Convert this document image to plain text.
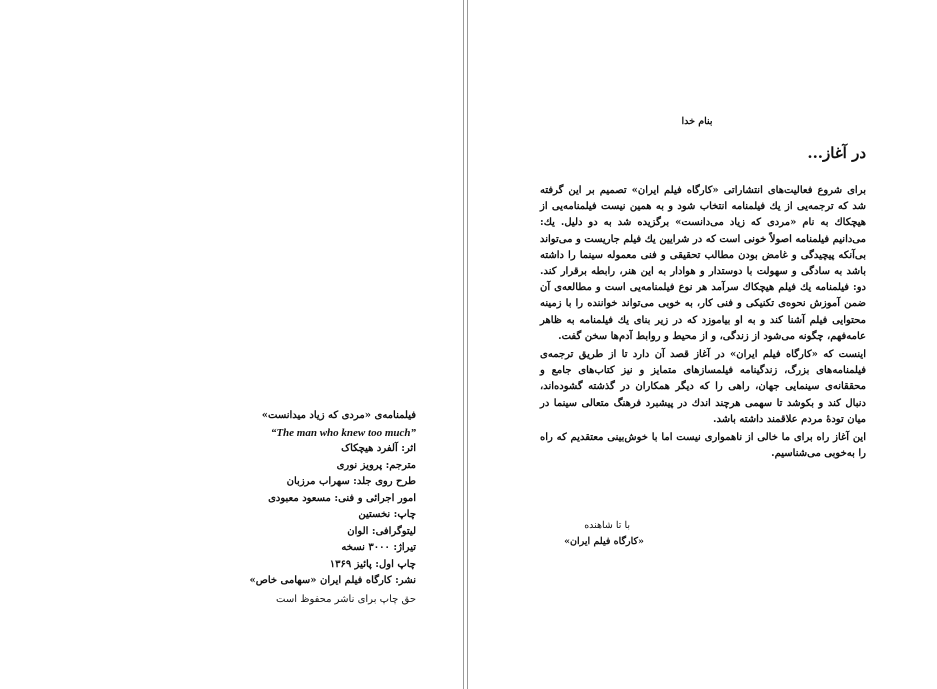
فیلمنامه‌ی «مردی که زیاد میدانست»
“The man who knew too much”
اثر: آلفرد هیچکاک
مترجم: پرویز نوری
طرح روی جلد: سهراب مرزبان
امور اجرائی و فنی: مسعود معبودی
چاپ: نخستین
لیتوگرافی: الوان
تیراژ: ۳۰۰۰ نسخه
چاپ اول: پائیز ۱۳۶۹
نشر: کارگاه فیلم ایران «سهامی خاص»
حق چاپ برای ناشر محفوظ است
بنام خدا
در آغاز...

برای شروع فعالیت‌های انتشاراتی «کارگاه فیلم ایران» تصمیم بر این گرفته شد که ترجمه‌یی از یك فیلمنامه انتخاب شود و به همین نیست فیلمنامه‌یی از هیچکاك به نام «مردی که زیاد می‌دانست» برگزیده شد به دو دلیل. یك: می‌دانیم فیلمنامه اصولاً خونی است که در شرایین یك فیلم جاریست و می‌تواند بی‌آنکه پیچیدگی و غامض بودن مطالب تحقیقی و فنی معموله سینما را داشته باشد به سادگی و سهولت با دوستدار و هوادار به این هنر، رابطه برقرار کند. دو: فیلمنامه یك فیلم هیچکاك سرآمد هر نوع فیلمنامه‌یی است و مطالعه‌ی آن ضمن آموزش نحوه‌ی تکنیکی و فنی کار، به خوبی می‌تواند خواننده را با زمینه محتوایی فیلم آشنا کند و به او بیاموزد که در زیر بنای یك فیلمنامه به ظاهر عامه‌فهم، چگونه می‌شود از زندگی، و از محیط و روابط آدم‌ها سخن گفت.

اینست که «کارگاه فیلم ایران» در آغاز قصد آن دارد تا از طریق ترجمه‌ی فیلمنامه‌های بزرگ، زندگینامه فیلمسازهای متمایز و نیز کتاب‌های جامع و محققانه‌ی سینمایی جهان، راهی را که دیگر همکاران در گذشته گشوده‌اند، دنبال کند و بکوشد تا سهمی هرچند اندك در پیشبرد فرهنگ متعالی سینما در میان تودهٔ مردم علاقمند داشته باشد.

این آغاز راه برای ما خالی از ناهمواری نیست اما با خوش‌بینی معتقدیم که راه را به‌خوبی می‌شناسیم.

با تا شاهنده
«کارگاه فیلم ایران»
